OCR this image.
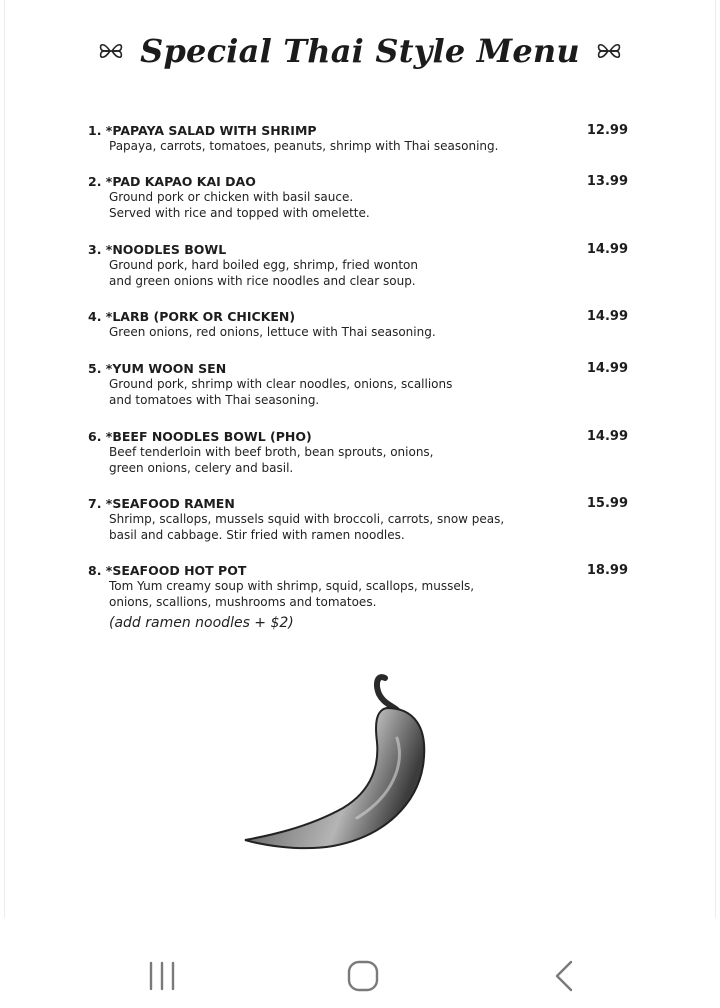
Special Thai Style Menu
1. *PAPAYA SALAD WITH SHRIMP	12.99
Papaya, carrots, tomatoes, peanuts, shrimp with Thai seasoning.
2. *PAD KAPAO KAI DAO	13.99
Ground pork or chicken with basil sauce.
Served with rice and topped with omelette.
3. *NOODLES BOWL	14.99
Ground pork, hard boiled egg, shrimp, fried wonton
and green onions with rice noodles and clear soup.
4. *LARB (PORK OR CHICKEN)	14.99
Green onions, red onions, lettuce with Thai seasoning.
5. *YUM WOON SEN	14.99
Ground pork, shrimp with clear noodles, onions, scallions
and tomatoes with Thai seasoning.
6. *BEEF NOODLES BOWL (PHO)	14.99
Beef tenderloin with beef broth, bean sprouts, onions,
green onions, celery and basil.
7. *SEAFOOD RAMEN	15.99
Shrimp, scallops, mussels squid with broccoli, carrots, snow peas,
basil and cabbage. Stir fried with ramen noodles.
8. *SEAFOOD HOT POT	18.99
Tom Yum creamy soup with shrimp, squid, scallops, mussels,
onions, scallions, mushrooms and tomatoes.
(add ramen noodles + $2)
